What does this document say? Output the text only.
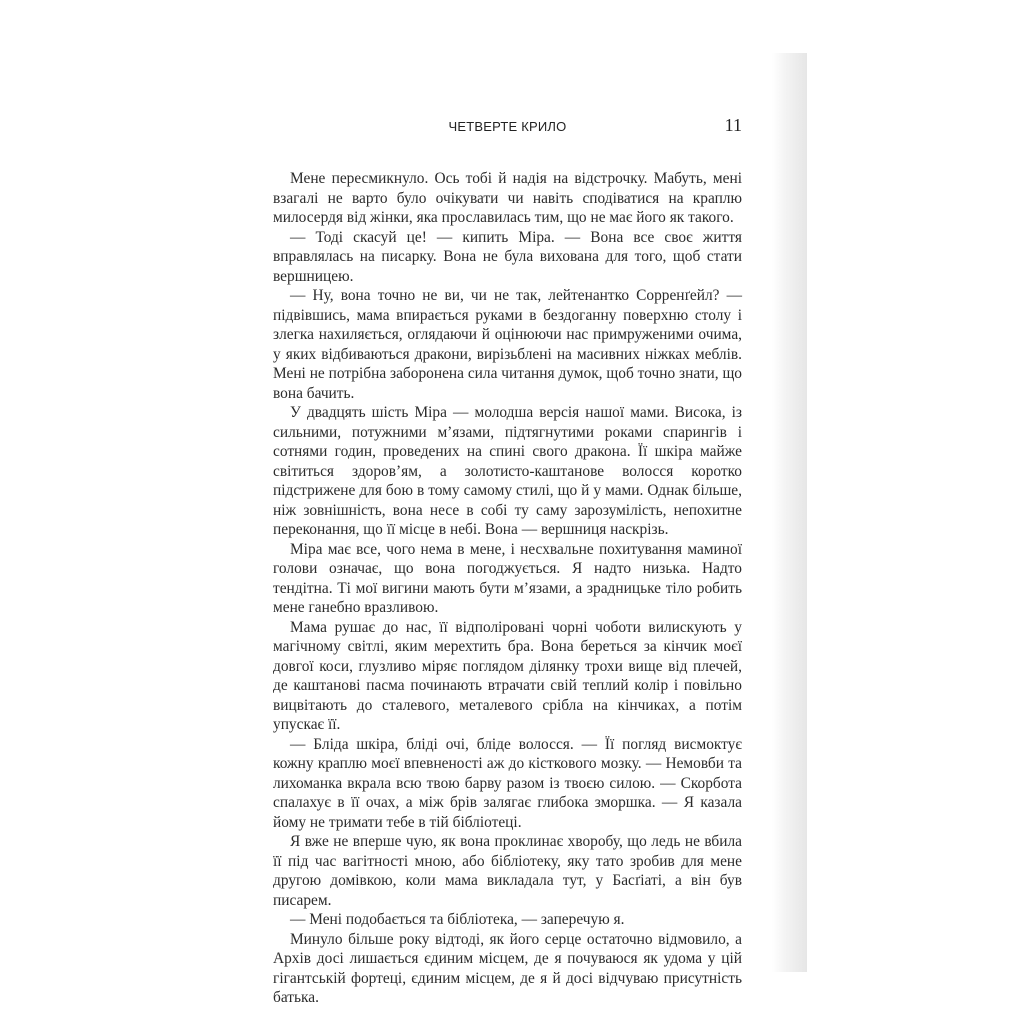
ЧЕТВЕРТЕ КРИЛО	11

Мене пересмикнуло. Ось тобі й надія на відстрочку. Мабуть, мені взагалі не варто було очікувати чи навіть сподіватися на краплю милосердя від жінки, яка прославилась тим, що не має його як такого.

— Тоді скасуй це! — кипить Міра. — Вона все своє життя вправлялась на писарку. Вона не була вихована для того, щоб стати вершницею.

— Ну, вона точно не ви, чи не так, лейтенантко Сорренґейл? — підвівшись, мама впирається руками в бездоганну поверхню столу і злегка нахиляється, оглядаючи й оцінюючи нас примруженими очима, у яких відбиваються дракони, вирізьблені на масивних ніжках меблів. Мені не потрібна заборонена сила читання думок, щоб точно знати, що вона бачить.

У двадцять шість Міра — молодша версія нашої мами. Висока, із сильними, потужними м’язами, підтягнутими роками спарингів і сотнями годин, проведених на спині свого дракона. Її шкіра майже світиться здоров’ям, а золотисто-каштанове волосся коротко підстрижене для бою в тому самому стилі, що й у мами. Однак більше, ніж зовнішність, вона несе в собі ту саму зарозумілість, непохитне переконання, що її місце в небі. Вона — вершниця наскрізь.

Міра має все, чого нема в мене, і несхвальне похитування маминої голови означає, що вона погоджується. Я надто низька. Надто тендітна. Ті мої вигини мають бути м’язами, а зрадницьке тіло робить мене ганебно вразливою.

Мама рушає до нас, її відполіровані чорні чоботи вилискують у магічному світлі, яким мерехтить бра. Вона береться за кінчик моєї довгої коси, глузливо міряє поглядом ділянку трохи вище від плечей, де каштанові пасма починають втрачати свій теплий колір і повільно вицвітають до сталевого, металевого срібла на кінчиках, а потім упускає її.

— Бліда шкіра, бліді очі, бліде волосся. — Її погляд висмоктує кожну краплю моєї впевненості аж до кісткового мозку. — Немовби та лихоманка вкрала всю твою барву разом із твоєю силою. — Скорбота спалахує в її очах, а між брів залягає глибока зморшка. — Я казала йому не тримати тебе в тій бібліотеці.

Я вже не вперше чую, як вона проклинає хворобу, що ледь не вбила її під час вагітності мною, або бібліотеку, яку тато зробив для мене другою домівкою, коли мама викладала тут, у Басґіаті, а він був писарем.

— Мені подобається та бібліотека, — заперечую я.

Минуло більше року відтоді, як його серце остаточно відмовило, а Архів досі лишається єдиним місцем, де я почуваюся як удома у цій гігантській фортеці, єдиним місцем, де я й досі відчуваю присутність батька.
